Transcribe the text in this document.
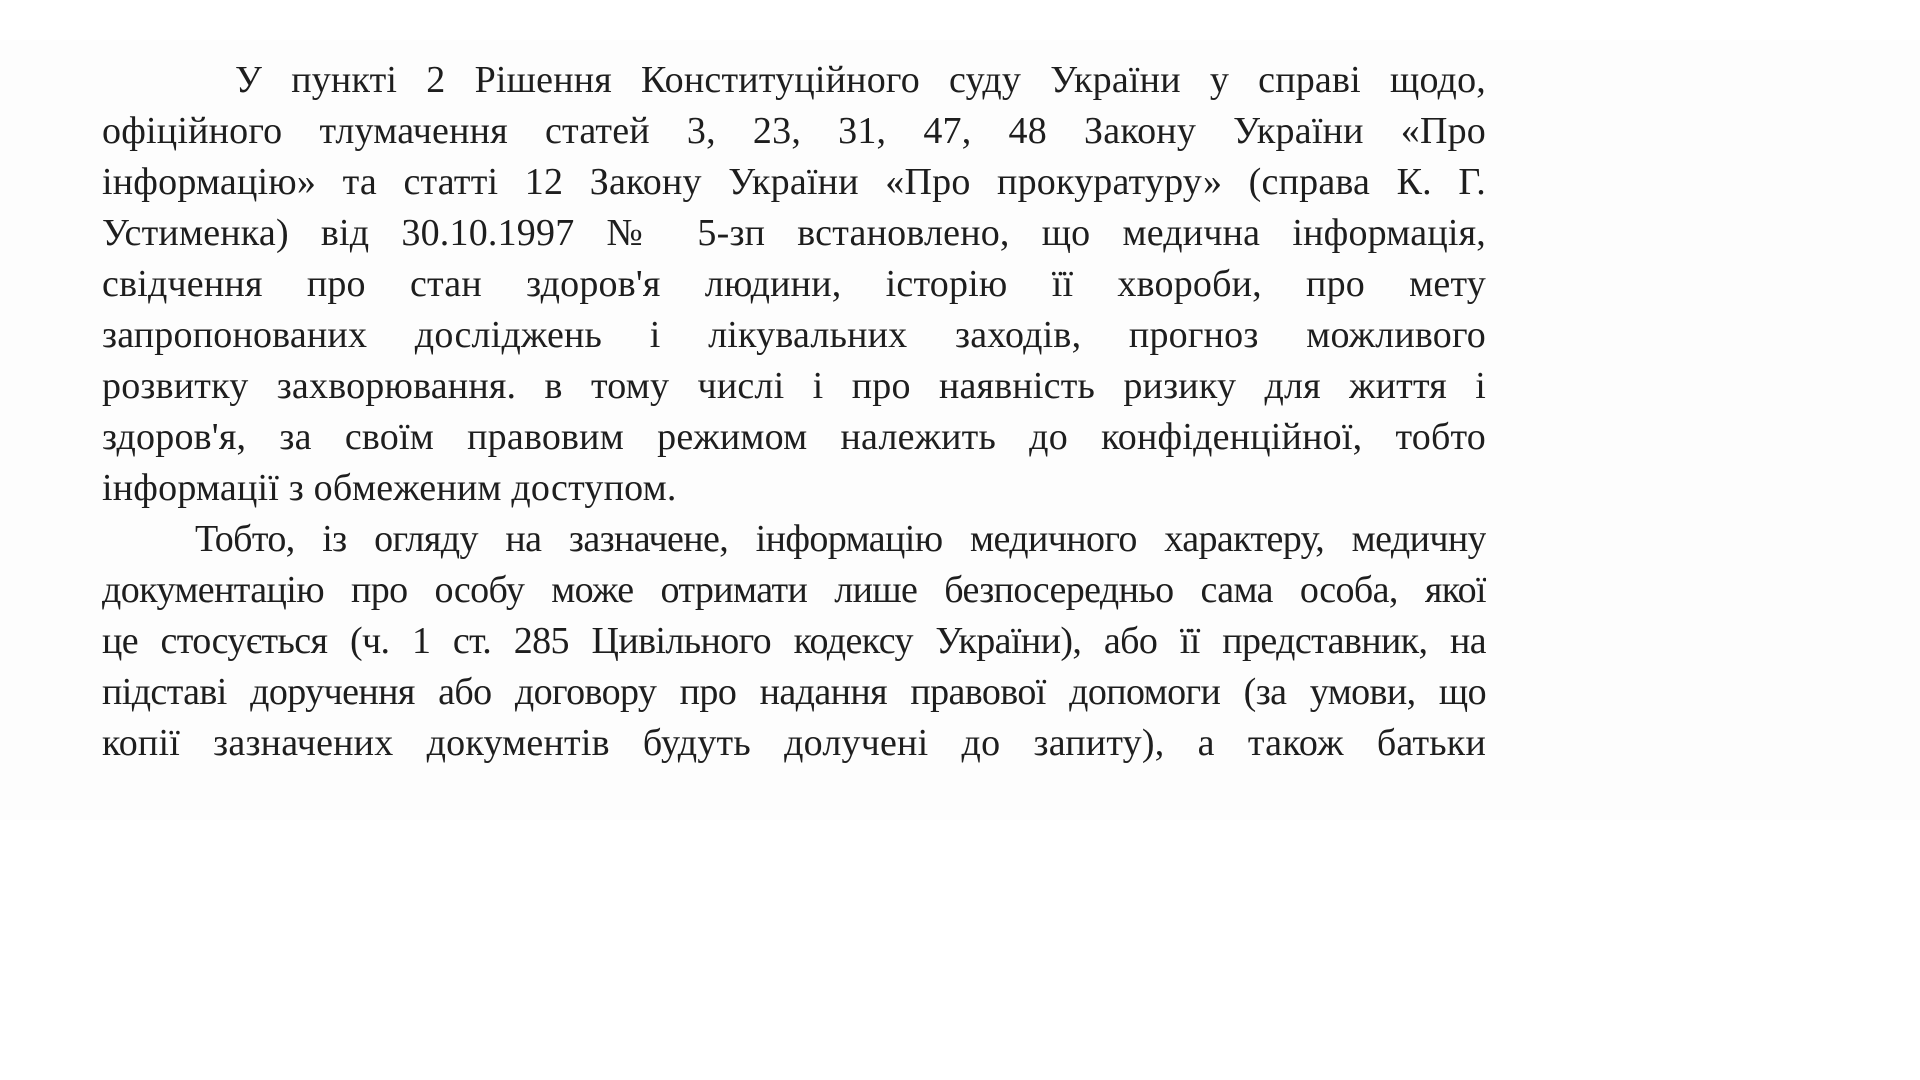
У пункті 2 Рішення Конституційного суду України у справі щодо,
офіційного тлумачення статей 3, 23, 31, 47, 48 Закону України «Про
інформацію» та статті 12 Закону України «Про прокуратуру» (справа К. Г.
Устименка) від 30.10.1997 № 5-зп встановлено, що медична інформація,
свідчення про стан здоров'я людини, історію її хвороби, про мету
запропонованих досліджень і лікувальних заходів, прогноз можливого
розвитку захворювання. в тому числі і про наявність ризику для життя і
здоров'я, за своїм правовим режимом належить до конфіденційної, тобто
інформації з обмеженим доступом.
Тобто, із огляду на зазначене, інформацію медичного характеру, медичну
документацію про особу може отримати лише безпосередньо сама особа, якої
це стосується (ч. 1 ст. 285 Цивільного кодексу України), або її представник, на
підставі доручення або договору про надання правової допомоги (за умови, що
копії зазначених документів будуть долучені до запиту), а також батьки
